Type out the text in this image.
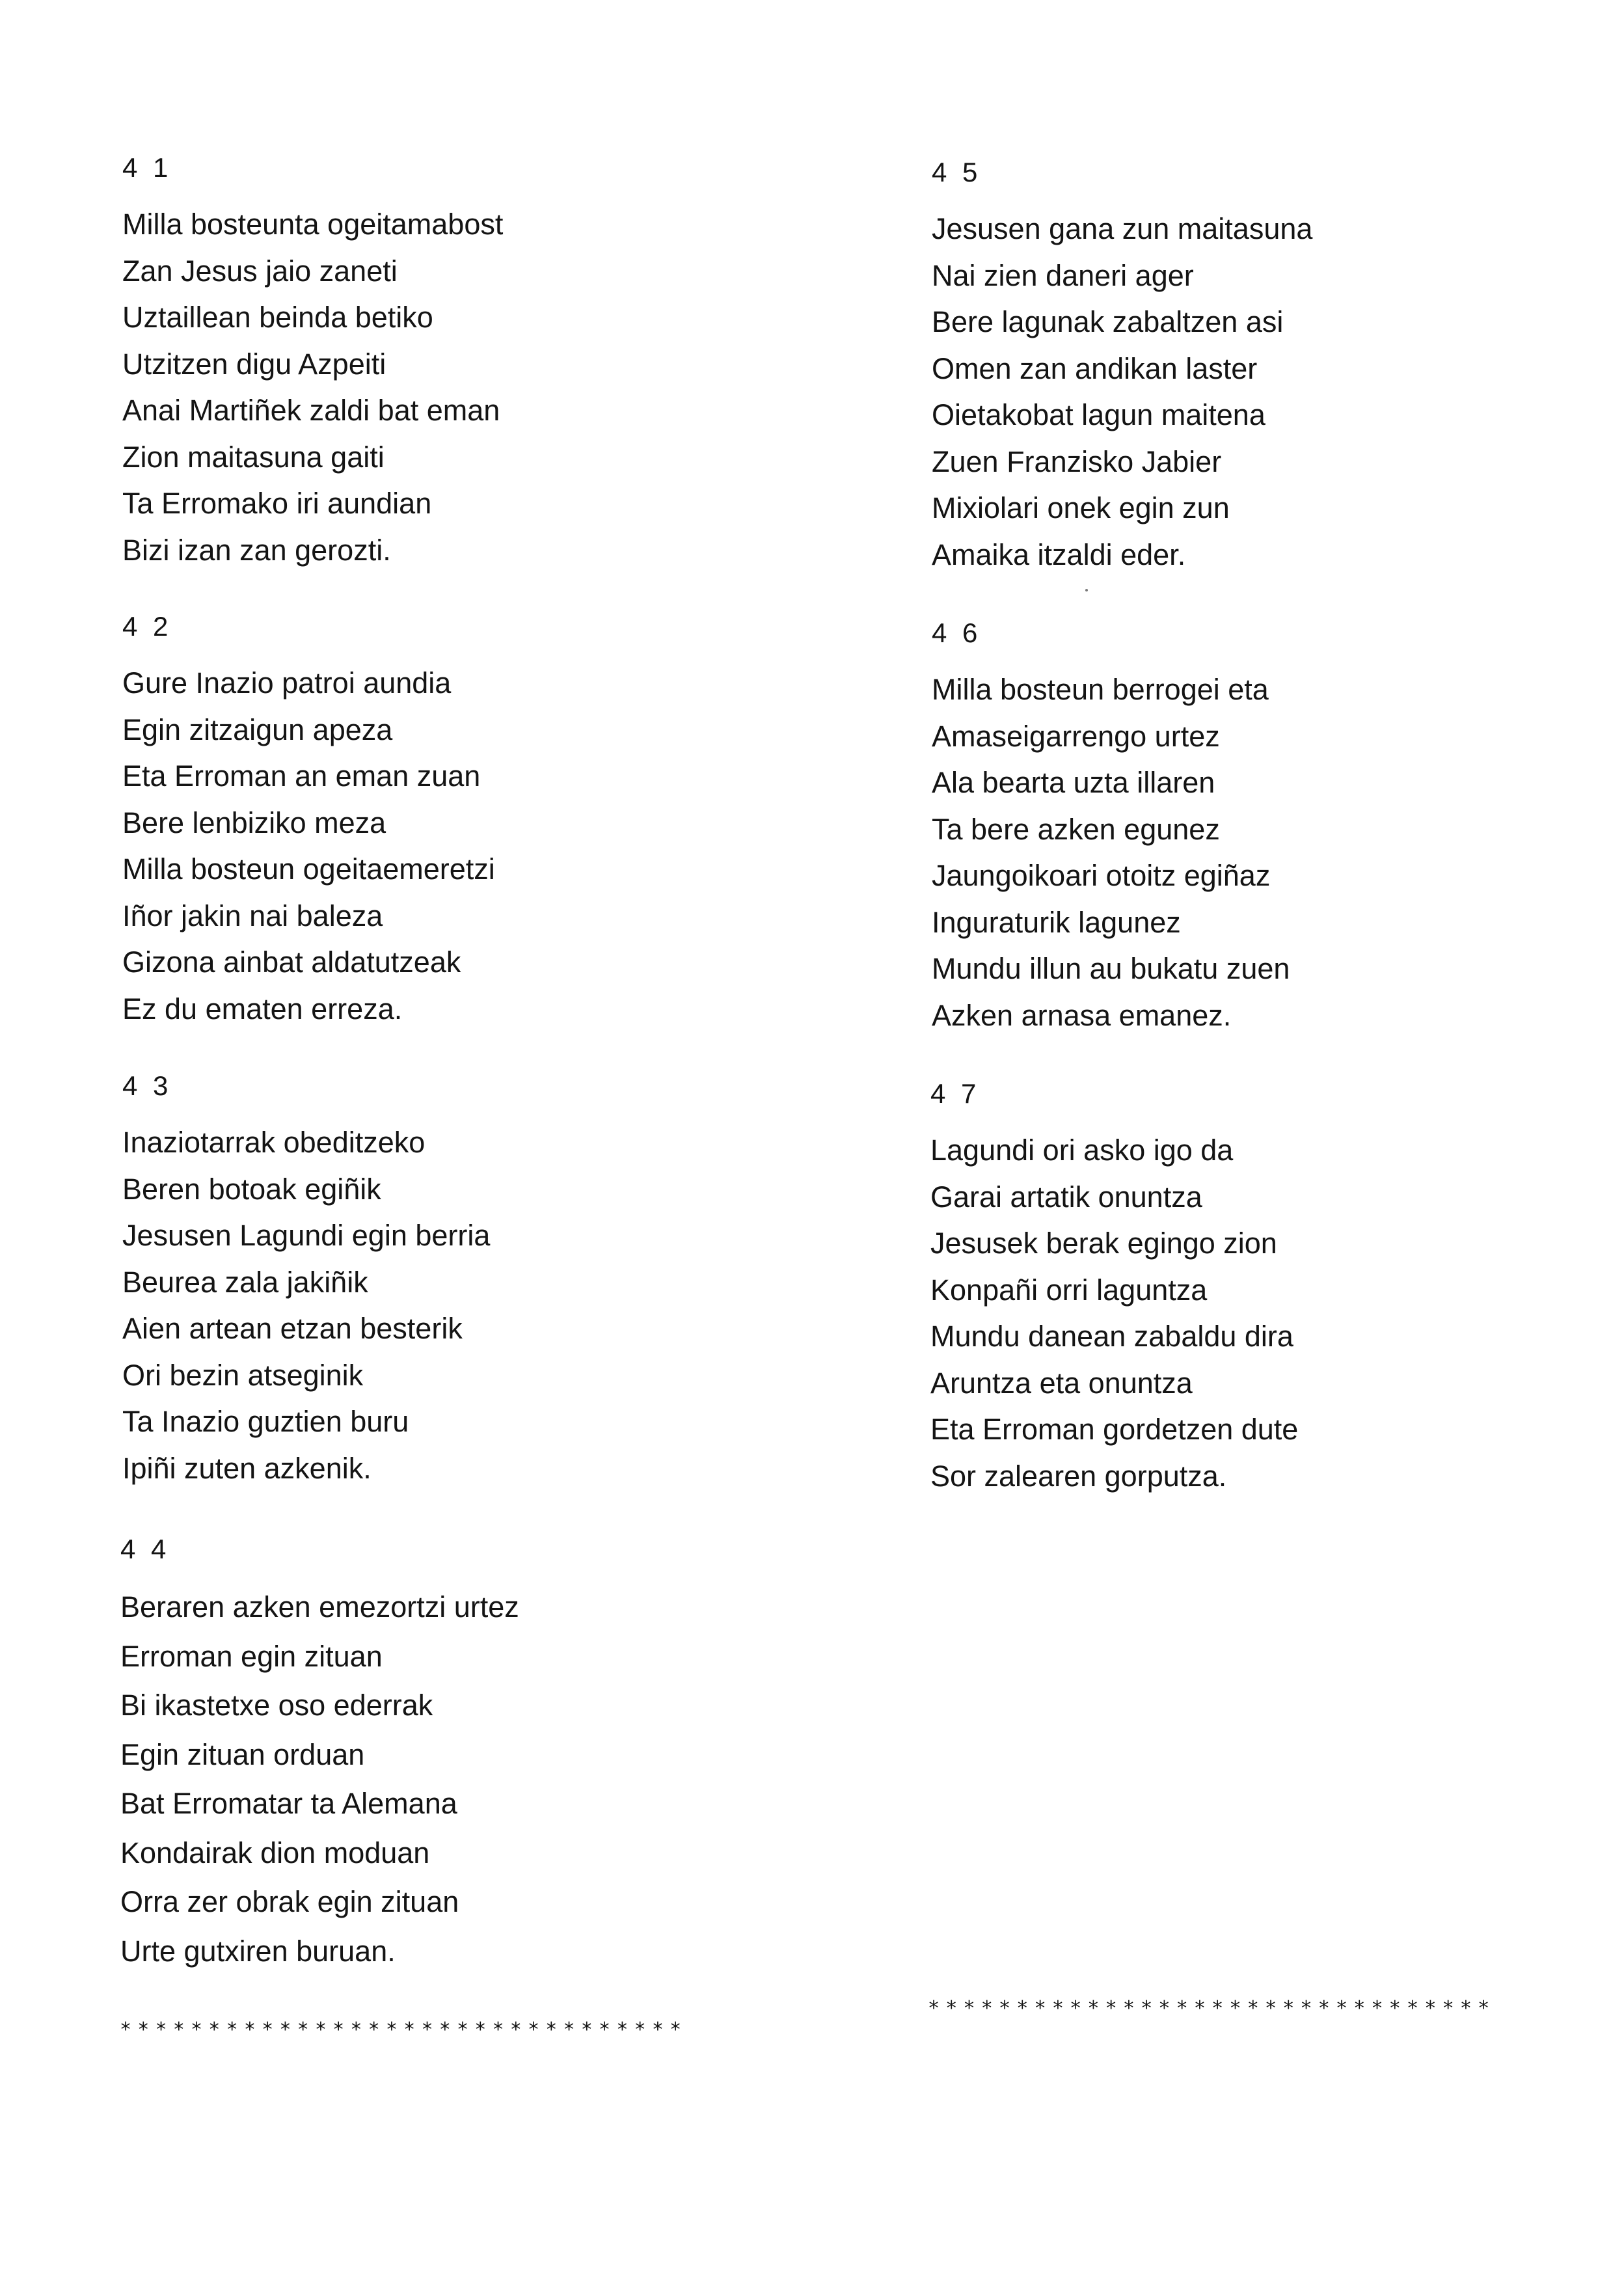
4 1
Milla bosteunta ogeitamabost
Zan Jesus jaio zaneti
Uztaillean beinda betiko
Utzitzen digu Azpeiti
Anai Martiñek zaldi bat eman
Zion maitasuna gaiti
Ta Erromako iri aundian
Bizi izan zan gerozti.
4 2
Gure Inazio patroi aundia
Egin zitzaigun apeza
Eta Erroman an eman zuan
Bere lenbiziko meza
Milla bosteun ogeitaemeretzi
Iñor jakin nai baleza
Gizona ainbat aldatutzeak
Ez du ematen erreza.
4 3
Inaziotarrak obeditzeko
Beren botoak egiñik
Jesusen Lagundi egin berria
Beurea zala jakiñik
Aien artean etzan besterik
Ori bezin atseginik
Ta Inazio guztien buru
Ipiñi zuten azkenik.
4 4
Beraren azken emezortzi urtez
Erroman egin zituan
Bi ikastetxe oso ederrak
Egin zituan orduan
Bat Erromatar ta Alemana
Kondairak dion moduan
Orra zer obrak egin zituan
Urte gutxiren buruan.
4 5
Jesusen gana zun maitasuna
Nai zien daneri ager
Bere lagunak zabaltzen asi
Omen zan andikan laster
Oietakobat lagun maitena
Zuen Franzisko Jabier
Mixiolari onek egin zun
Amaika itzaldi eder.
4 6
Milla bosteun berrogei eta
Amaseigarrengo urtez
Ala bearta uzta illaren
Ta bere azken egunez
Jaungoikoari otoitz egiñaz
Inguraturik lagunez
Mundu illun au bukatu zuen
Azken arnasa emanez.
4 7
Lagundi ori asko igo da
Garai artatik onuntza
Jesusek berak egingo zion
Konpañi orri laguntza
Mundu danean zabaldu dira
Aruntza eta onuntza
Eta Erroman gordetzen dute
Sor zalearen gorputza.
********************************
********************************
